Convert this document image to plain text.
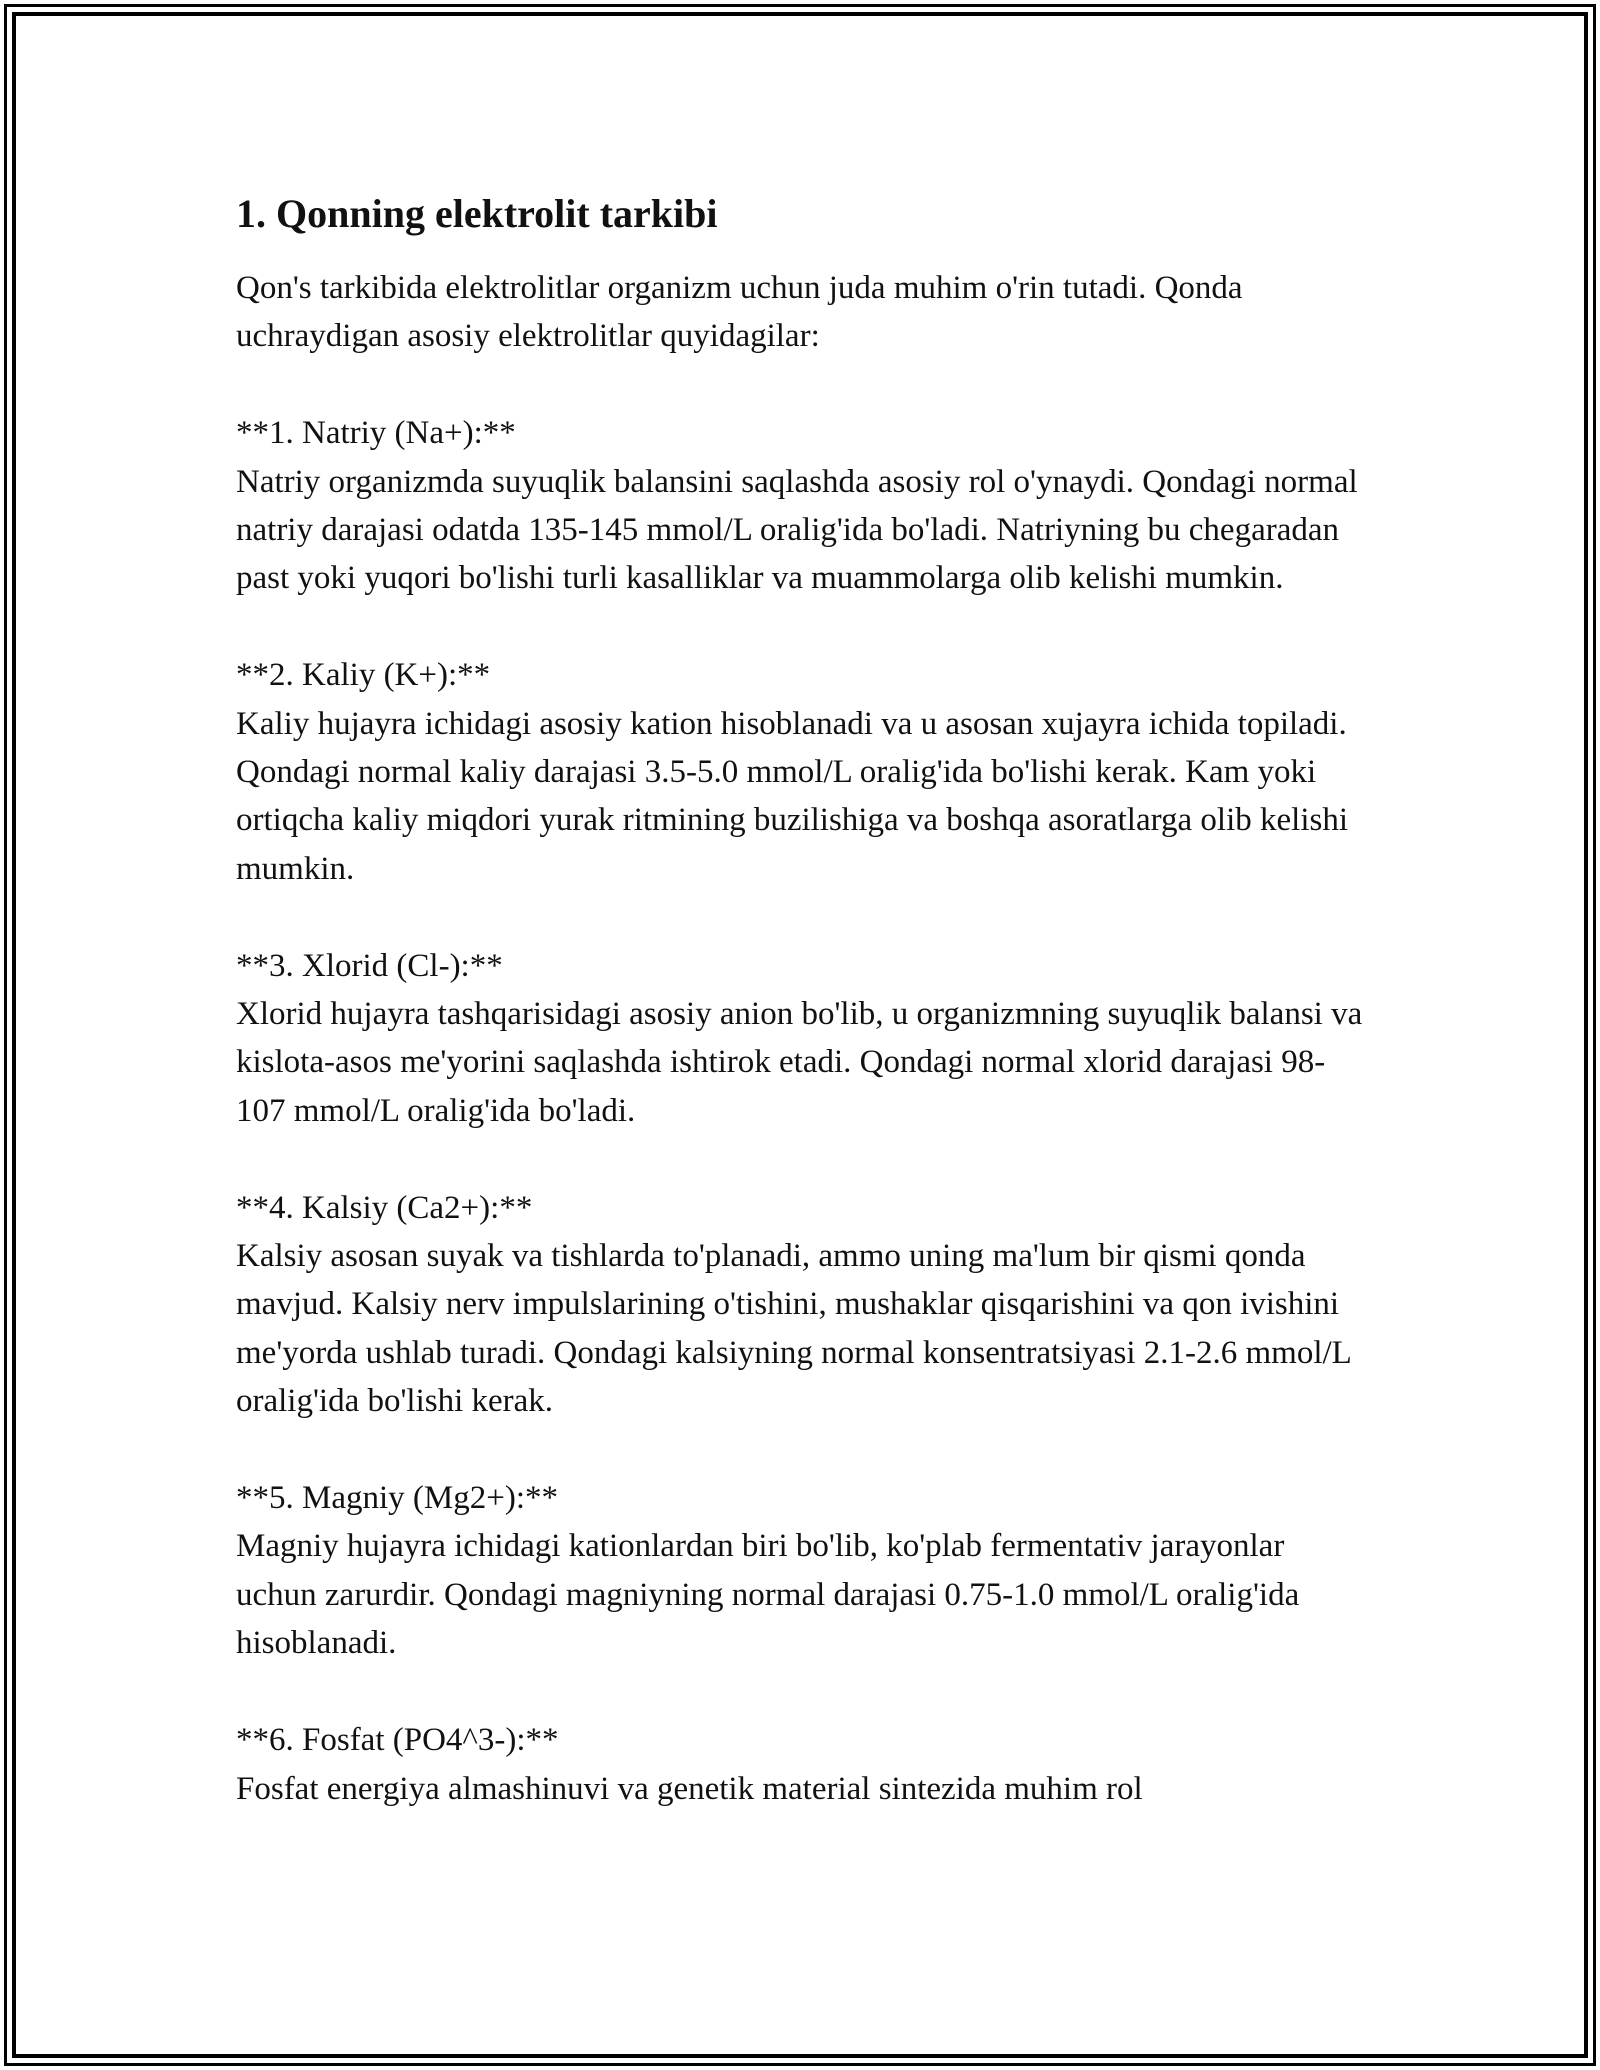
1. Qonning elektrolit tarkibi

Qon's tarkibida elektrolitlar organizm uchun juda muhim o'rin tutadi. Qonda uchraydigan asosiy elektrolitlar quyidagilar:

**1. Natriy (Na+):**

Natriy organizmda suyuqlik balansini saqlashda asosiy rol o'ynaydi. Qondagi normal natriy darajasi odatda 135-145 mmol/L oralig'ida bo'ladi. Natriyning bu chegaradan past yoki yuqori bo'lishi turli kasalliklar va muammolarga olib kelishi mumkin.

**2. Kaliy (K+):**

Kaliy hujayra ichidagi asosiy kation hisoblanadi va u asosan xujayra ichida topiladi. Qondagi normal kaliy darajasi 3.5-5.0 mmol/L oralig'ida bo'lishi kerak. Kam yoki ortiqcha kaliy miqdori yurak ritmining buzilishiga va boshqa asoratlarga olib kelishi mumkin.

**3. Xlorid (Cl-):**

Xlorid hujayra tashqarisidagi asosiy anion bo'lib, u organizmning suyuqlik balansi va kislota-asos me'yorini saqlashda ishtirok etadi. Qondagi normal xlorid darajasi 98-107 mmol/L oralig'ida bo'ladi.

**4. Kalsiy (Ca2+):**

Kalsiy asosan suyak va tishlarda to'planadi, ammo uning ma'lum bir qismi qonda mavjud. Kalsiy nerv impulslarining o'tishini, mushaklar qisqarishini va qon ivishini me'yorda ushlab turadi. Qondagi kalsiyning normal konsentratsiyasi 2.1-2.6 mmol/L oralig'ida bo'lishi kerak.

**5. Magniy (Mg2+):**

Magniy hujayra ichidagi kationlardan biri bo'lib, ko'plab fermentativ jarayonlar uchun zarurdir. Qondagi magniyning normal darajasi 0.75-1.0 mmol/L oralig'ida hisoblanadi.

**6. Fosfat (PO4^3-):**

Fosfat energiya almashinuvi va genetik material sintezida muhim rol
